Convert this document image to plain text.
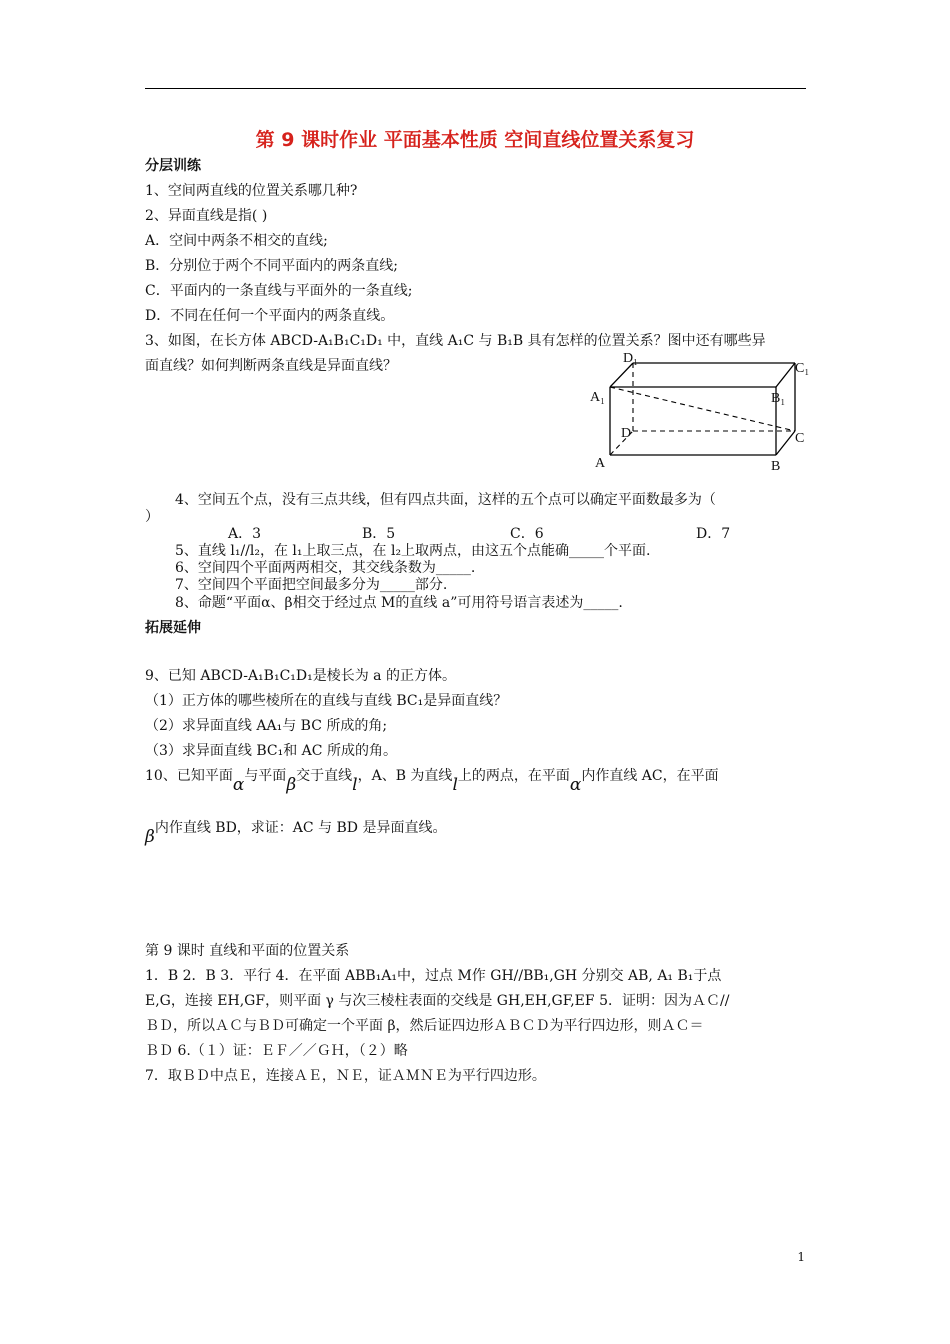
第 9 课时作业 平面基本性质 空间直线位置关系复习
分层训练
1、空间两直线的位置关系哪几种?
2、异面直线是指( )
A．空间中两条不相交的直线;
B．分别位于两个不同平面内的两条直线;
C．平面内的一条直线与平面外的一条直线;
D．不同在任何一个平面内的两条直线。
3、如图，在长方体 ABCD-A₁B₁C₁D₁ 中，直线 A₁C 与 B₁B 具有怎样的位置关系？图中还有哪些异
面直线？如何判断两条直线是异面直线？	D₁
C₁
A₁	B₁
D	C
A	B
4、空间五个点，没有三点共线，但有四点共面，这样的五个点可以确定平面数最多为（
）
A．3	B．5	C．6	D．7
5、直线 l₁//l₂，在 l₁上取三点，在 l₂上取两点，由这五个点能确_____个平面.
6、空间四个平面两两相交，其交线条数为_____.
7、空间四个平面把空间最多分为_____部分.
8、命题“平面α、β相交于经过点 M的直线 a”可用符号语言表述为_____.
拓展延伸
9、已知 ABCD-A₁B₁C₁D₁是棱长为 a 的正方体。
（1）正方体的哪些棱所在的直线与直线 BC₁是异面直线？
（2）求异面直线 AA₁与 BC 所成的角;
（3）求异面直线 BC₁和 AC 所成的角。
10、已知平面α与平面β交于直线l，A、B 为直线l上的两点，在平面α内作直线 AC，在平面
β内作直线 BD，求证：AC 与 BD 是异面直线。
第 9 课时 直线和平面的位置关系
1．B 2．B 3．平行 4．在平面 ABB₁A₁中，过点 M作 GH//BB₁,GH 分别交 AB, A₁ B₁于点
E,G，连接 EH,GF，则平面 γ 与次三棱柱表面的交线是 GH,EH,GF,EF 5．证明：因为ＡＣ//
ＢＤ，所以ＡＣ与ＢＤ可确定一个平面 β，然后证四边形ＡＢＣＤ为平行四边形，则ＡＣ＝
ＢＤ 6.（１）证：ＥＦ／／ＧＨ，（２）略
7．取ＢＤ中点Ｅ，连接ＡＥ，ＮＥ，证ＡＭＮＥ为平行四边形。
1
